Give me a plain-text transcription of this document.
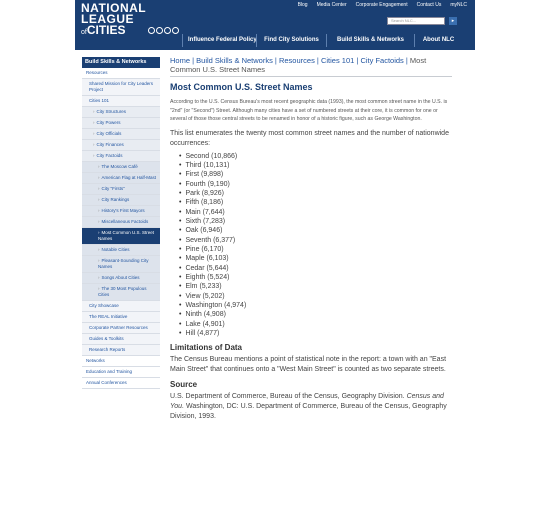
NATIONAL
LEAGUE
ofCITIES
Blog Media Center Corporate Engagement Contact Us myNLC
Search NLC...	▸
Influence Federal Policy	Find City Solutions	Build Skills & Networks	About NLC
Build Skills & Networks
Resources
Shared Mission for City Leaders Project
Cities 101
› City Structures
› City Powers
› City Officials
› City Finances
› City Factoids
› The Moscow Café
› American Flag at Half-Mast
› City "Firsts"
› City Rankings
› History's First Mayors
› Miscellaneous Factoids
› Most Common U.S. Street Names
› Notable Cities
› Pleasant-Sounding City Names
› Songs About Cities
› The 30 Most Populous Cities
City Showcase
The REAL Initiative
Corporate Partner Resources
Guides & Toolkits
Research Reports
Networks
Education and Training
Annual Conferences
Home | Build Skills & Networks | Resources | Cities 101 | City Factoids | Most Common U.S. Street Names
Most Common U.S. Street Names

According to the U.S. Census Bureau's most recent geographic data (1993), the most common street name in the U.S. is "2nd" (or "Second") Street. Although many cities have a set of numbered streets at their core, it is common for one or several of those those central streets to be renamed in honor of a historic figure, such as George Washington.

This list enumerates the twenty most common street names and the number of nationwide occurrences:

• Second (10,866)
• Third (10,131)
• First (9,898)
• Fourth (9,190)
• Park (8,926)
• Fifth (8,186)
• Main (7,644)
• Sixth (7,283)
• Oak (6,946)
• Seventh (6,377)
• Pine (6,170)
• Maple (6,103)
• Cedar (5,644)
• Eighth (5,524)
• Elm (5,233)
• View (5,202)
• Washington (4,974)
• Ninth (4,908)
• Lake (4,901)
• Hill (4,877)
Limitations of Data

The Census Bureau mentions a point of statistical note in the report: a town with an "East Main Street" that continues onto a "West Main Street" is counted as two separate streets.

Source

U.S. Department of Commerce, Bureau of the Census, Geography Division. Census and You. Washington, DC: U.S. Department of Commerce, Bureau of the Census, Geography Division, 1993.
